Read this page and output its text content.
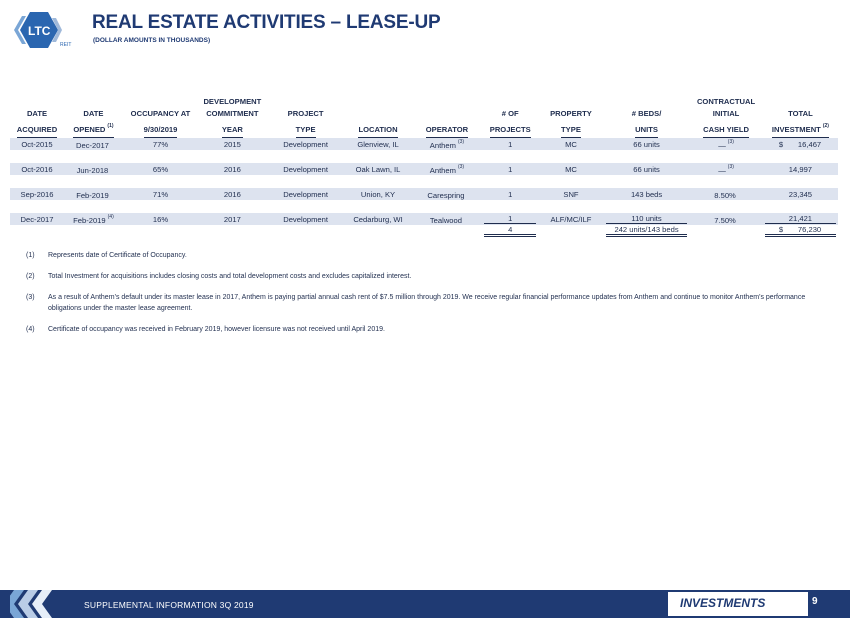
LTC
REIT
REAL ESTATE ACTIVITIES – LEASE-UP
(DOLLAR AMOUNTS IN THOUSANDS)
			DEVELOPMENT							CONTRACTUAL	
DATE	DATE	OCCUPANCY AT	COMMITMENT	PROJECT			# OF	PROPERTY	# BEDS/	INITIAL	TOTAL
ACQUIRED	OPENED $^{(1)}$	9/30/2019	YEAR	TYPE	LOCATION	OPERATOR	PROJECTS	TYPE	UNITS	CASH YIELD	INVESTMENT $^{(2)}$
Oct-2015	Dec-2017	77%	2015	Development	Glenview, IL	Anthem $^{(3)}$	1	MC	66 units	— $^{(3)}$	$ 16,467

Oct-2016	Jun-2018	65%	2016	Development	Oak Lawn, IL	Anthem $^{(3)}$	1	MC	66 units	— $^{(3)}$	14,997

Sep-2016	Feb-2019	71%	2016	Development	Union, KY	Carespring	1	SNF	143 beds	8.50%	23,345

Dec-2017	Feb-2019 $^{(4)}$	16%	2017	Development	Cedarburg, WI	Tealwood	1	ALF/MC/ILF	110 units	7.50%	21,421

							4		242 units/143 beds		$ 76,230
(1) Represents date of Certificate of Occupancy.
(2) Total Investment for acquisitions includes closing costs and total development costs and excludes capitalized interest.
(3) As a result of Anthem’s default under its master lease in 2017, Anthem is paying partial annual cash rent of $7.5 million through 2019. We receive regular financial performance updates from Anthem and continue to monitor Anthem’s performance obligations under the master lease agreement.
(4) Certificate of occupancy was received in February 2019, however licensure was not received until April 2019.
SUPPLEMENTAL INFORMATION 3Q 2019	INVESTMENTS	9
